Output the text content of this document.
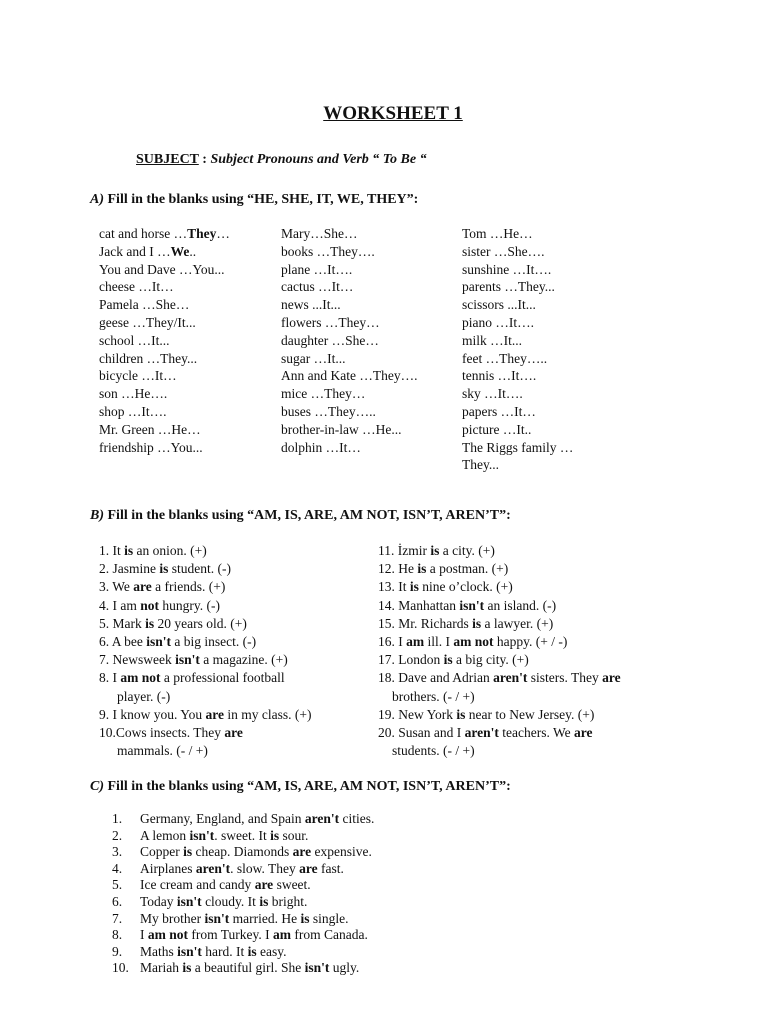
WORKSHEET 1
SUBJECT : Subject Pronouns and Verb “ To Be “
A) Fill in the blanks using “HE, SHE, IT, WE, THEY”:
cat and horse …They…
Jack and I …We..
You and Dave …You...
cheese …It…
Pamela …She…
geese …They/It...
school …It...
children …They...
bicycle …It…
son …He….
shop …It….
Mr. Green …He…
friendship …You...
Mary…She…
books …They….
plane …It….
cactus …It…
news ...It...
flowers …They…
daughter …She…
sugar …It...
Ann and Kate …They….
mice …They…
buses …They…..
brother-in-law …He...
dolphin …It…
Tom …He…
sister …She….
sunshine …It….
parents …They...
scissors ...It...
piano …It….
milk …It...
feet …They…..
tennis …It….
sky …It….
papers …It…
picture …It..
The Riggs family …
They...
B) Fill in the blanks using “AM, IS, ARE, AM NOT, ISN’T, AREN’T”:
1. It is an onion. (+)
2. Jasmine is student. (-)
3. We are a friends. (+)
4. I am not hungry. (-)
5. Mark is 20 years old. (+)
6. A bee isn't a big insect. (-)
7. Newsweek isn't a magazine. (+)
8. I am not a professional football
player. (-)
9. I know you. You are in my class. (+)
10.Cows insects. They are
mammals. (- / +)
11. İzmir is a city. (+)
12. He is a postman. (+)
13. It is nine o’clock. (+)
14. Manhattan isn't an island. (-)
15. Mr. Richards is a lawyer. (+)
16. I am ill. I am not happy. (+ / -)
17. London is a big city. (+)
18. Dave and Adrian aren't sisters. They are
brothers. (- / +)
19. New York is near to New Jersey. (+)
20. Susan and I aren't teachers. We are
students. (- / +)
C) Fill in the blanks using “AM, IS, ARE, AM NOT, ISN’T, AREN’T”:
1. Germany, England, and Spain aren't cities.
2. A lemon isn't. sweet. It is sour.
3. Copper is cheap. Diamonds are expensive.
4. Airplanes aren't. slow. They are fast.
5. Ice cream and candy are sweet.
6. Today isn't cloudy. It is bright.
7. My brother isn't married. He is single.
8. I am not from Turkey. I am from Canada.
9. Maths isn't hard. It is easy.
10. Mariah is a beautiful girl. She isn't ugly.
